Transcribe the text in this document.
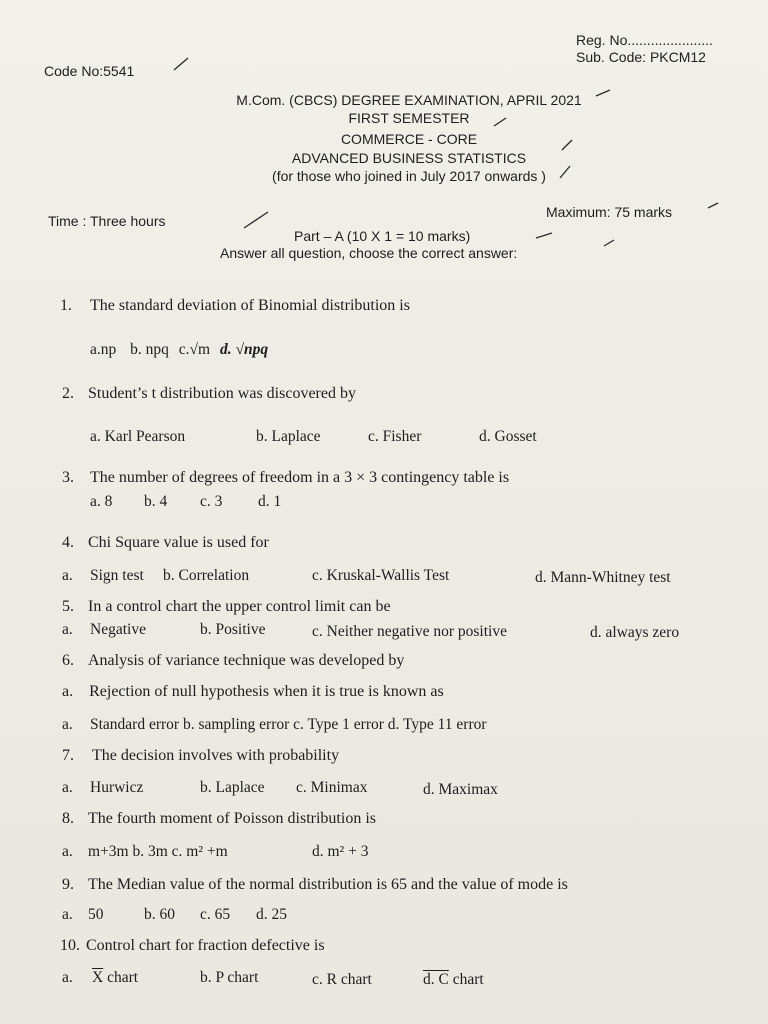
Reg. No......................
Sub. Code: PKCM12
Code No:5541
M.Com. (CBCS) DEGREE EXAMINATION, APRIL 2021
FIRST SEMESTER
COMMERCE - CORE
ADVANCED BUSINESS STATISTICS
(for those who joined in July 2017 onwards )
Time : Three hours
Maximum: 75 marks
Part – A (10 X 1 = 10 marks)
Answer all question, choose the correct answer:
1. The standard deviation of Binomial distribution is
a.np b. npq c.√m d. √npq
2. Student’s t distribution was discovered by
a. Karl Pearson	b. Laplace	c. Fisher	d. Gosset
3. The number of degrees of freedom in a 3 × 3 contingency table is
a. 8 b. 4 c. 3 d. 1
4. Chi Square value is used for
a. Sign test b. Correlation	c. Kruskal-Wallis Test	d. Mann-Whitney test
5. In a control chart the upper control limit can be
a. Negative	b. Positive	c. Neither negative nor positive	d. always zero
6. Analysis of variance technique was developed by
a. Rejection of null hypothesis when it is true is known as
a. Standard error b. sampling error c. Type 1 error d. Type 11 error
7. The decision involves with probability
a. Hurwicz	b. Laplace c. Minimax	d. Maximax
8. The fourth moment of Poisson distribution is
a. m+3m b. 3m c. m² +m	d. m² + 3
9. The Median value of the normal distribution is 65 and the value of mode is
a. 50	b. 60 c. 65 d. 25
10. Control chart for fraction defective is
a. $\overline{X}$ chart	b. P chart	c. R chart	d. C chart
